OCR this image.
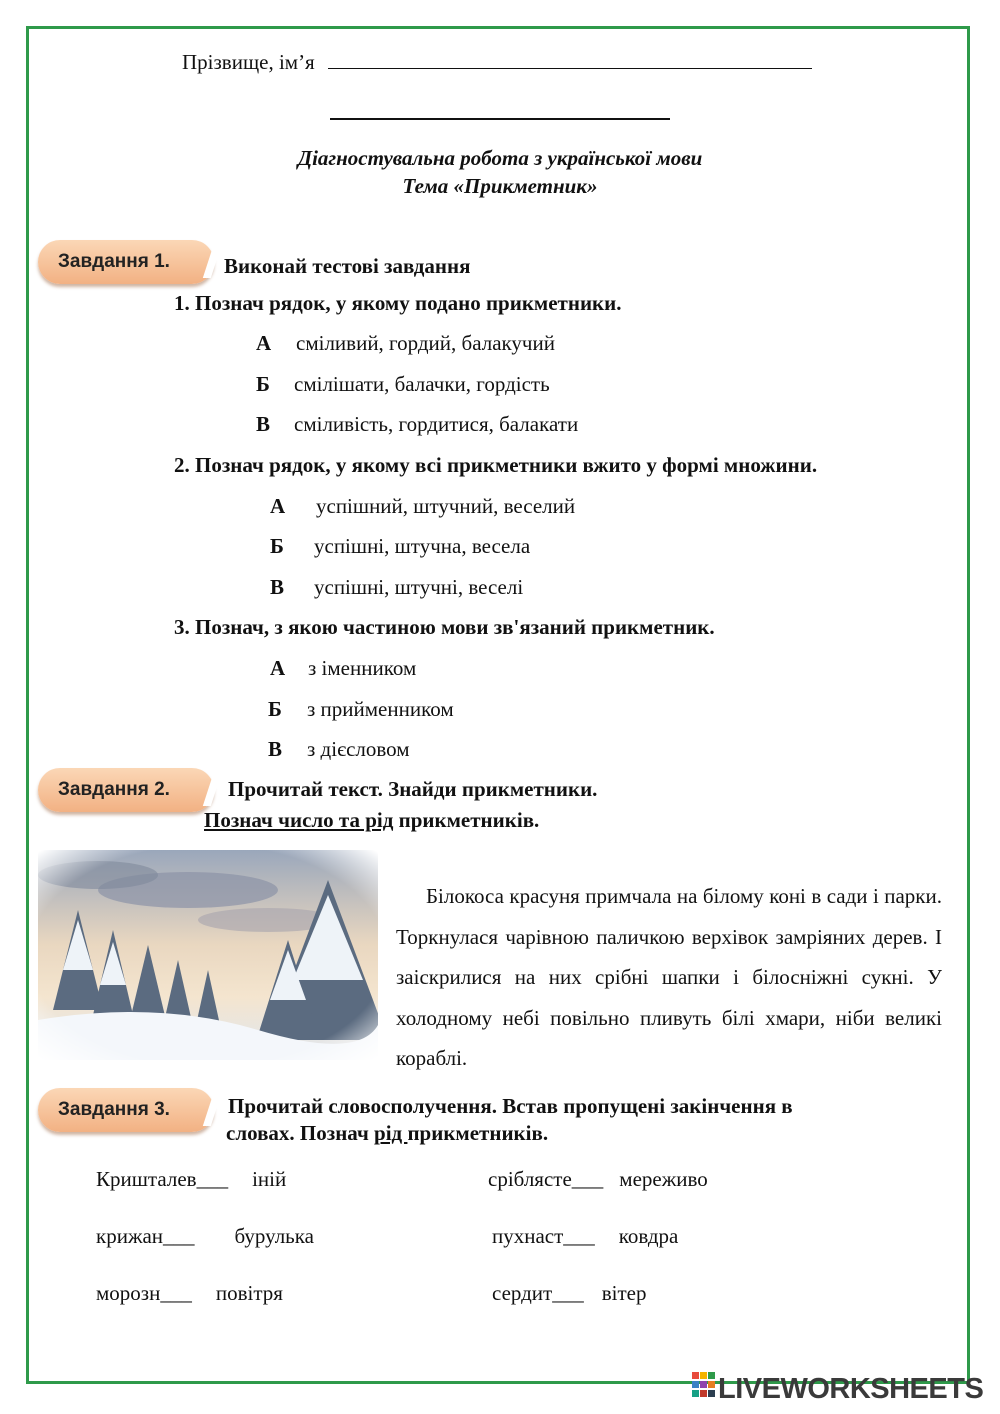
Прізвище, ім’я
Діагностувальна робота з української мови
Тема «Прикметник»
Завдання 1.	Виконай тестові завдання
1. Познач рядок, у якому подано прикметники.
А сміливий, гордий, балакучий
Б смілішати, балачки, гордість
В сміливість, гордитися, балакати
2. Познач рядок, у якому всі прикметники вжито у формі множини.
А успішний, штучний, веселий
Б успішні, штучна, весела
В успішні, штучні, веселі
3. Познач, з якою частиною мови зв'язаний прикметник.
А з іменником
Б з прийменником
В з дієсловом
Завдання 2.	Прочитай текст. Знайди прикметники.
Познач число та рід прикметників.
Білокоса красуня примчала на білому коні в сади і парки. Торкнулася чарівною паличкою верхівок замріяних дерев. І заіскрилися на них срібні шапки і білосніжні сукні. У холодному небі повільно пливуть білі хмари, ніби великі кораблі.
Завдання 3.	Прочитай словосполучення. Встав пропущені закінчення в
словах. Познач рід прикметників.
Кришталев___ іній	сріблясте___ мереживо
крижан___ бурулька	пухнаст___ ковдра
морозн___ повітря	сердит___ вітер
LIVEWORKSHEETS
